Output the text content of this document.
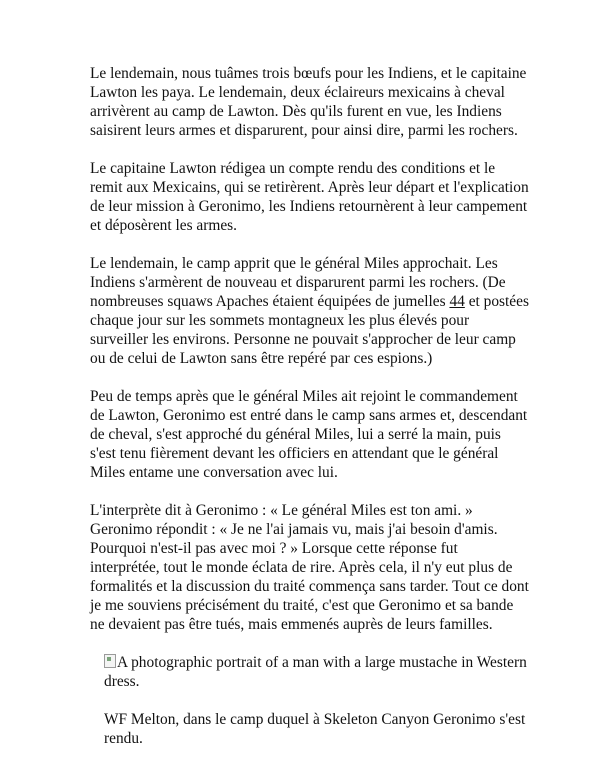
Le lendemain, nous tuâmes trois bœufs pour les Indiens, et le capitaine Lawton les paya. Le lendemain, deux éclaireurs mexicains à cheval arrivèrent au camp de Lawton. Dès qu'ils furent en vue, les Indiens saisirent leurs armes et disparurent, pour ainsi dire, parmi les rochers.

Le capitaine Lawton rédigea un compte rendu des conditions et le remit aux Mexicains, qui se retirèrent. Après leur départ et l'explication de leur mission à Geronimo, les Indiens retournèrent à leur campement et déposèrent les armes.

Le lendemain, le camp apprit que le général Miles approchait. Les Indiens s'armèrent de nouveau et disparurent parmi les rochers. (De nombreuses squaws Apaches étaient équipées de jumelles 44 et postées chaque jour sur les sommets montagneux les plus élevés pour surveiller les environs. Personne ne pouvait s'approcher de leur camp ou de celui de Lawton sans être repéré par ces espions.)

Peu de temps après que le général Miles ait rejoint le commandement de Lawton, Geronimo est entré dans le camp sans armes et, descendant de cheval, s'est approché du général Miles, lui a serré la main, puis s'est tenu fièrement devant les officiers en attendant que le général Miles entame une conversation avec lui.

L'interprète dit à Geronimo : « Le général Miles est ton ami. » Geronimo répondit : « Je ne l'ai jamais vu, mais j'ai besoin d'amis. Pourquoi n'est-il pas avec moi ? » Lorsque cette réponse fut interprétée, tout le monde éclata de rire. Après cela, il n'y eut plus de formalités et la discussion du traité commença sans tarder. Tout ce dont je me souviens précisément du traité, c'est que Geronimo et sa bande ne devaient pas être tués, mais emmenés auprès de leurs familles.

A photographic portrait of a man with a large mustache in Western dress.
WF Melton, dans le camp duquel à Skeleton Canyon Geronimo s'est rendu.
